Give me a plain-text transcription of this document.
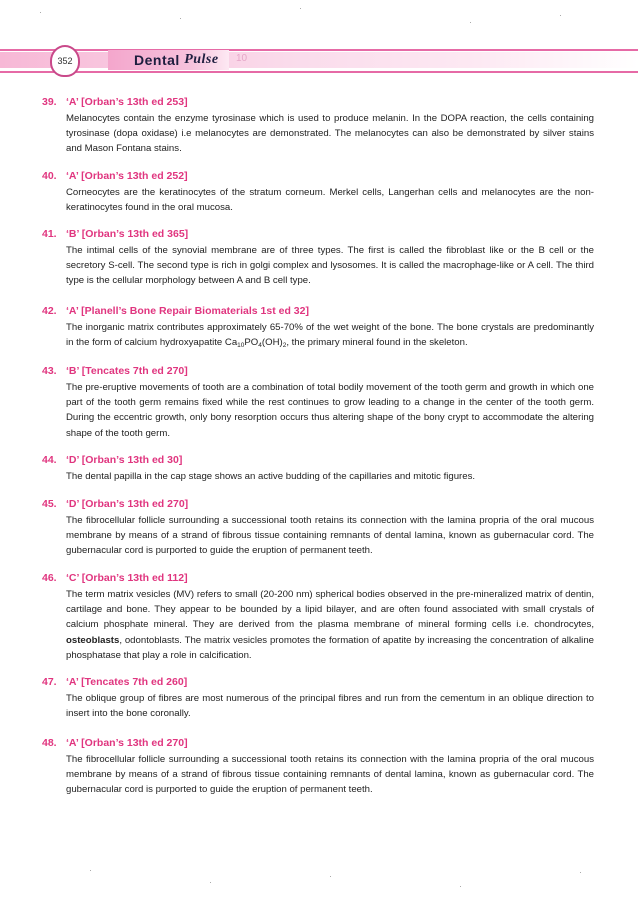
352	Dental
Pulse 10
39. ‘A’ [Orban’s 13th ed 253]
Melanocytes contain the enzyme tyrosinase which is used to produce melanin. In the DOPA reaction, the cells containing tyrosinase (dopa oxidase) i.e melanocytes are demonstrated. The melanocytes can also be demonstrated by silver stains and Mason Fontana stains.
40. ‘A’ [Orban’s 13th ed 252]
Corneocytes are the keratinocytes of the stratum corneum. Merkel cells, Langerhan cells and melanocytes are the non-keratinocytes found in the oral mucosa.
41. ‘B’ [Orban’s 13th ed 365]
The intimal cells of the synovial membrane are of three types. The first is called the fibroblast like or the B cell or the secretory S-cell. The second type is rich in golgi complex and lysosomes. It is called the macrophage-like or A cell. The third type is the cellular morphology between A and B cell type.
42. ‘A’ [Planell’s Bone Repair Biomaterials 1st ed 32]
The inorganic matrix contributes approximately 65-70% of the wet weight of the bone. The bone crystals are predominantly in the form of calcium hydroxyapatite $Ca_{10}PO_4(OH)_2$, the primary mineral found in the skeleton.
43. ‘B’ [Tencates 7th ed 270]
The pre-eruptive movements of tooth are a combination of total bodily movement of the tooth germ and growth in which one part of the tooth germ remains fixed while the rest continues to grow leading to a change in the center of the tooth germ. During the eccentric growth, only bony resorption occurs thus altering shape of the bony crypt to accommodate the altering shape of the tooth germ.
44. ‘D’ [Orban’s 13th ed 30]
The dental papilla in the cap stage shows an active budding of the capillaries and mitotic figures.
45. ‘D’ [Orban’s 13th ed 270]
The fibrocellular follicle surrounding a successional tooth retains its connection with the lamina propria of the oral mucous membrane by means of a strand of fibrous tissue containing remnants of dental lamina, known as gubernacular cord. The gubernacular cord is purported to guide the eruption of permanent teeth.
46. ‘C’ [Orban’s 13th ed 112]
The term matrix vesicles (MV) refers to small (20-200 nm) spherical bodies observed in the pre-mineralized matrix of dentin, cartilage and bone. They appear to be bounded by a lipid bilayer, and are often found associated with small crystals of calcium phosphate mineral. They are derived from the plasma membrane of mineral forming cells i.e. chondrocytes, osteoblasts, odontoblasts. The matrix vesicles promotes the formation of apatite by increasing the concentration of alkaline phosphatase that play a role in calcification.
47. ‘A’ [Tencates 7th ed 260]
The oblique group of fibres are most numerous of the principal fibres and run from the cementum in an oblique direction to insert into the bone coronally.
48. ‘A’ [Orban’s 13th ed 270]
The fibrocellular follicle surrounding a successional tooth retains its connection with the lamina propria of the oral mucous membrane by means of a strand of fibrous tissue containing remnants of dental lamina, known as gubernacular cord. The gubernacular cord is purported to guide the eruption of permanent teeth.
